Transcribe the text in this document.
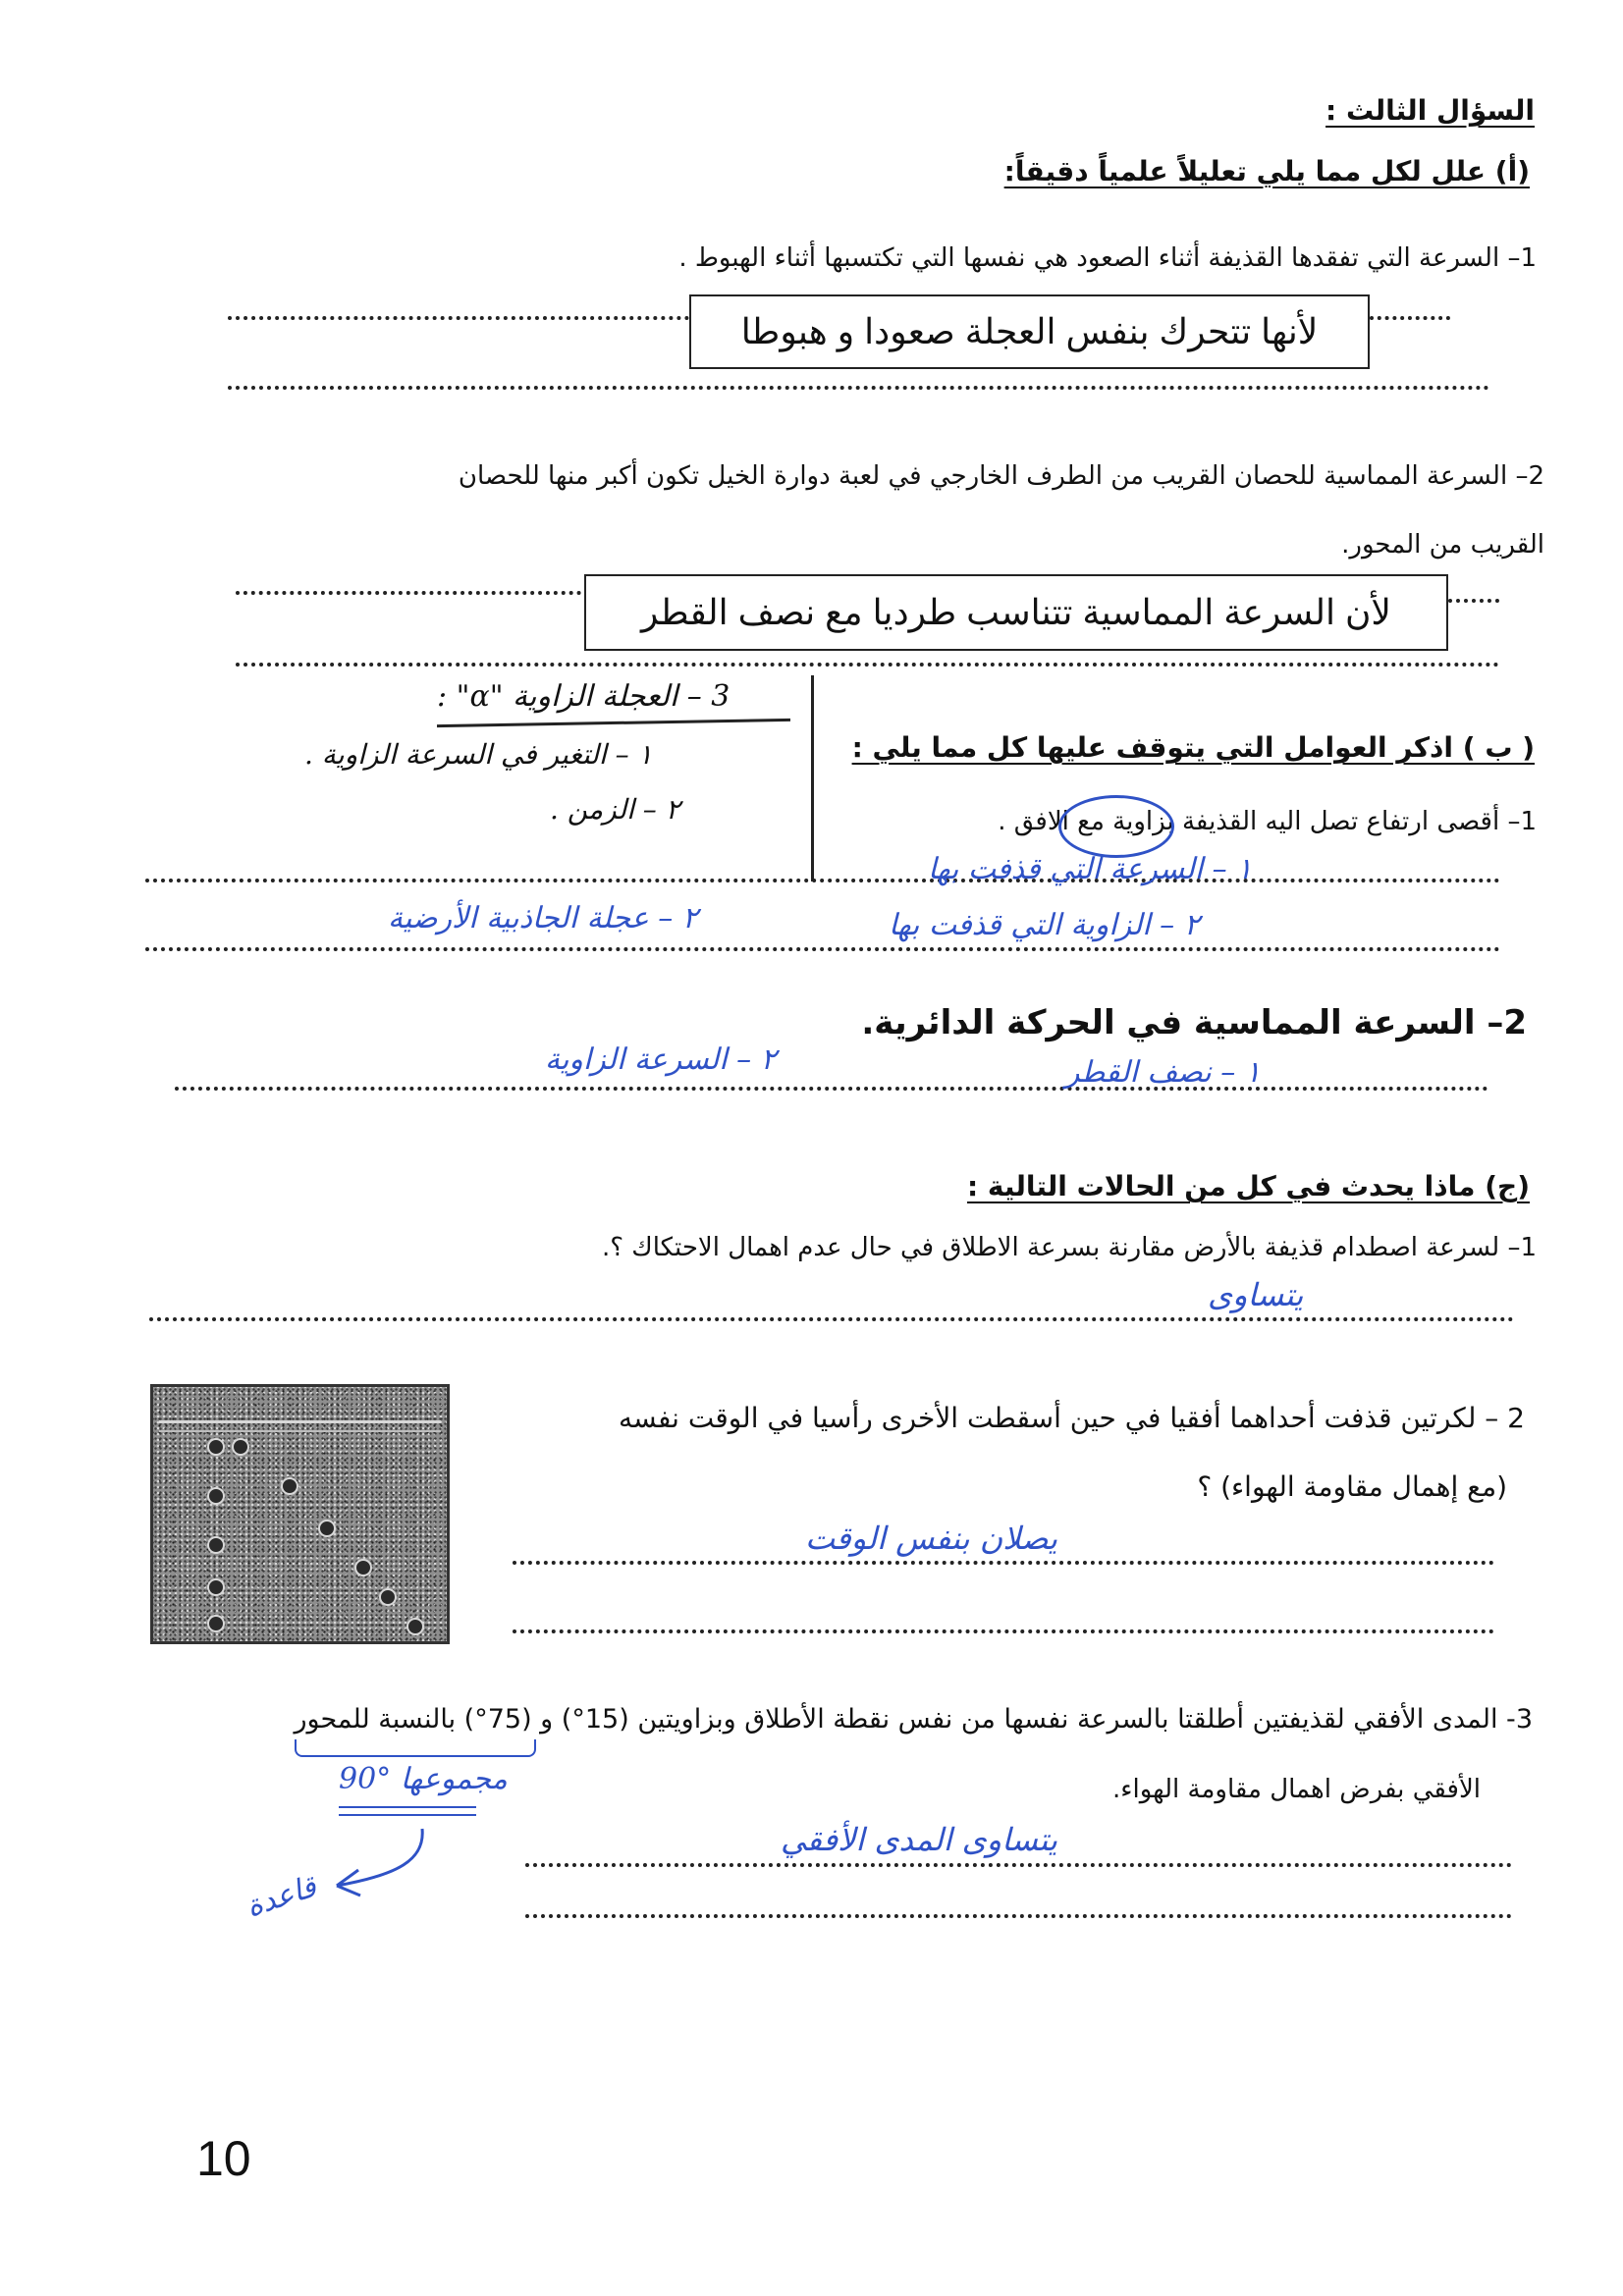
السؤال الثالث :
(أ) علل لكل مما يلي تعليلاً علمياً دقيقاً:
1– السرعة التي تفقدها القذيفة أثناء الصعود هي نفسها التي تكتسبها أثناء الهبوط .
لأنها تتحرك بنفس العجلة صعودا و هبوطا
2– السرعة المماسية للحصان القريب من الطرف الخارجي في لعبة دوارة الخيل تكون أكبر منها للحصان
القريب من المحور.
لأن السرعة المماسية تتناسب طرديا مع نصف القطر
3 – العجلة الزاوية "α" :
١ – التغير في السرعة الزاوية .
٢ – الزمن .
( ب ) اذكر العوامل التي يتوقف عليها كل مما يلي :
1– أقصى ارتفاع تصل اليه القذيفة بزاوية مع الافق .
١ – السرعة التي قذفت بها
٢ – الزاوية التي قذفت بها
٢ – عجلة الجاذبية الأرضية
2– السرعة المماسية في الحركة الدائرية.
١ – نصف القطر
٢ – السرعة الزاوية
(ج) ماذا يحدث في كل من الحالات التالية :
1– لسرعة اصطدام قذيفة بالأرض مقارنة بسرعة الاطلاق في حال عدم اهمال الاحتكاك ؟.
يتساوى
2 – لكرتين قذفت أحداهما أفقيا في حين أسقطت الأخرى رأسيا في الوقت نفسه
(مع إهمال مقاومة الهواء) ؟
يصلان بنفس الوقت
3- المدى الأفقي لقذيفتين أطلقتا بالسرعة نفسها من نفس نقطة الأطلاق وبزاويتين (15°) و (75°) بالنسبة للمحور
مجموعها °90
قاعدة
الأفقي بفرض اهمال مقاومة الهواء.
يتساوى المدى الأفقي
10
